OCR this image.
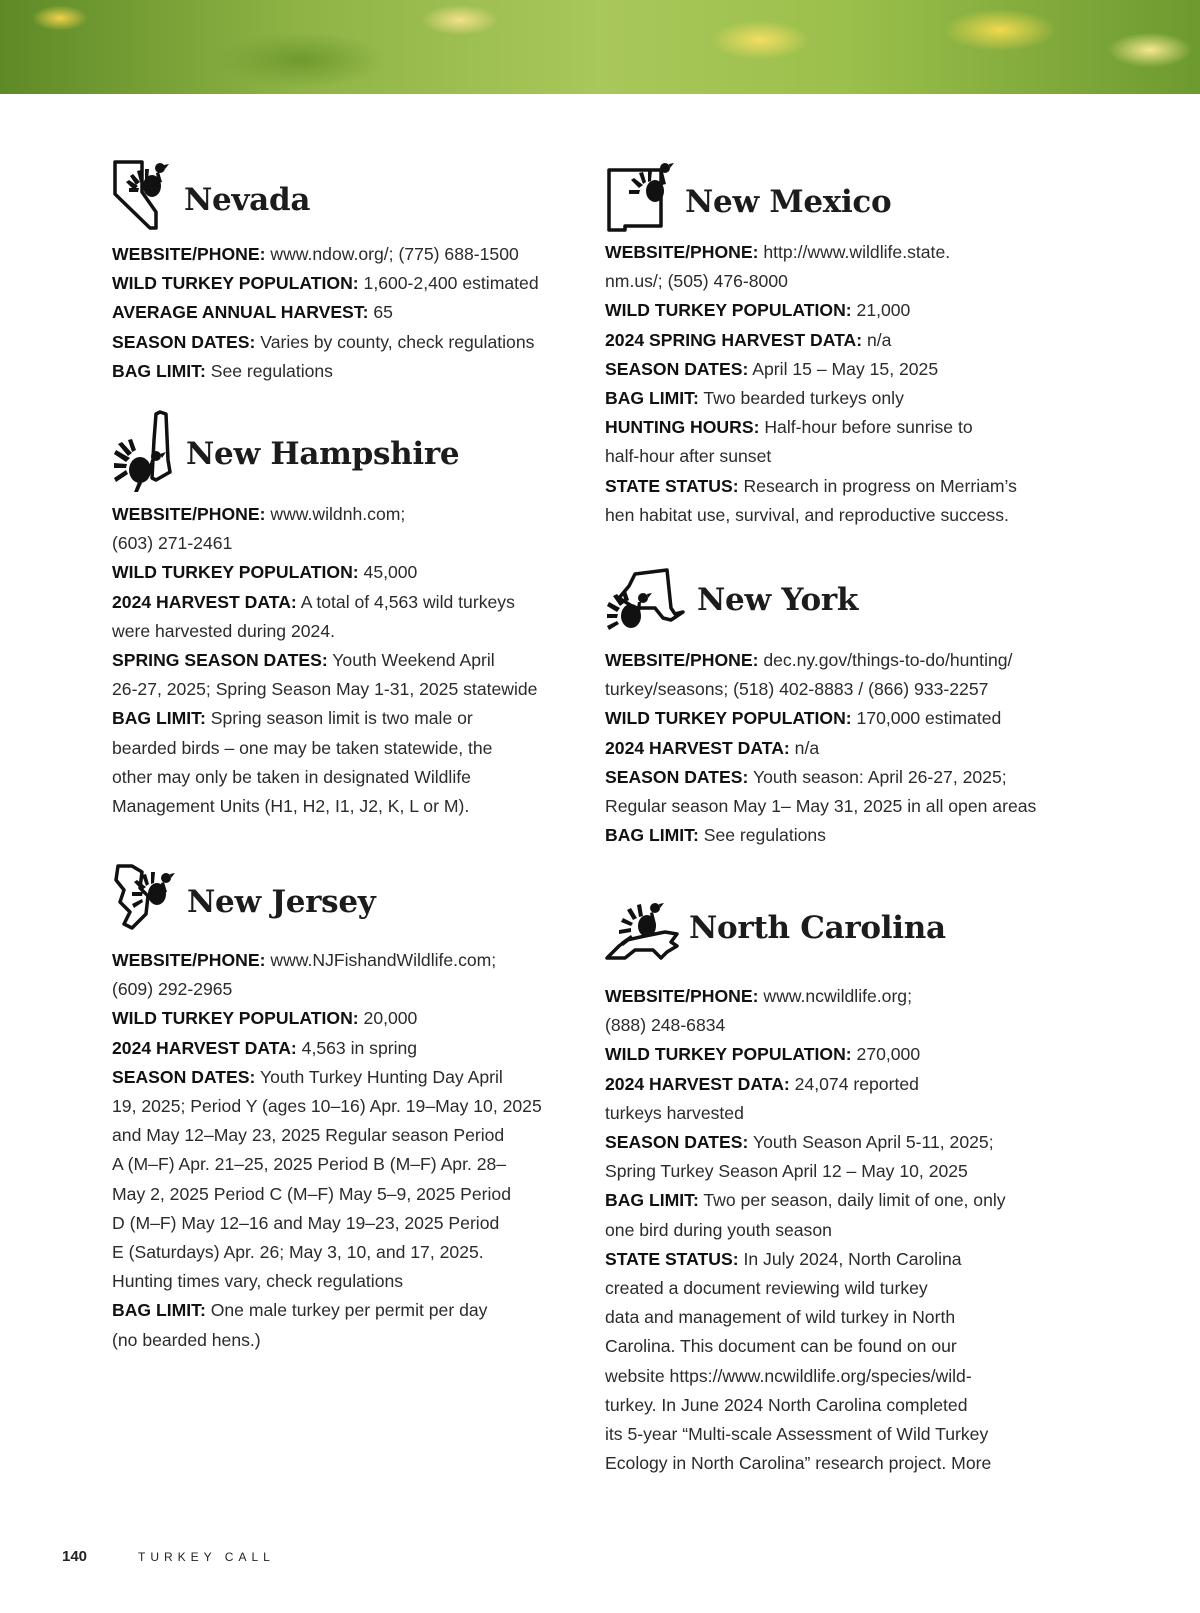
Nevada
WEBSITE/PHONE: www.ndow.org/; (775) 688-1500
WILD TURKEY POPULATION: 1,600-2,400 estimated
AVERAGE ANNUAL HARVEST: 65
SEASON DATES: Varies by county, check regulations
BAG LIMIT: See regulations
New Hampshire
WEBSITE/PHONE: www.wildnh.com;
(603) 271-2461
WILD TURKEY POPULATION: 45,000
2024 HARVEST DATA: A total of 4,563 wild turkeys
were harvested during 2024.
SPRING SEASON DATES: Youth Weekend April
26-27, 2025; Spring Season May 1-31, 2025 statewide
BAG LIMIT: Spring season limit is two male or
bearded birds – one may be taken statewide, the
other may only be taken in designated Wildlife
Management Units (H1, H2, I1, J2, K, L or M).
New Jersey
WEBSITE/PHONE: www.NJFishandWildlife.com;
(609) 292-2965
WILD TURKEY POPULATION: 20,000
2024 HARVEST DATA: 4,563 in spring
SEASON DATES: Youth Turkey Hunting Day April
19, 2025; Period Y (ages 10–16) Apr. 19–May 10, 2025
and May 12–May 23, 2025 Regular season Period
A (M–F) Apr. 21–25, 2025 Period B (M–F) Apr. 28–
May 2, 2025 Period C (M–F) May 5–9, 2025 Period
D (M–F) May 12–16 and May 19–23, 2025 Period
E (Saturdays) Apr. 26; May 3, 10, and 17, 2025.
Hunting times vary, check regulations
BAG LIMIT: One male turkey per permit per day
(no bearded hens.)
New Mexico
WEBSITE/PHONE: http://www.wildlife.state.
nm.us/; (505) 476-8000
WILD TURKEY POPULATION: 21,000
2024 SPRING HARVEST DATA: n/a
SEASON DATES: April 15 – May 15, 2025
BAG LIMIT: Two bearded turkeys only
HUNTING HOURS: Half-hour before sunrise to
half-hour after sunset
STATE STATUS: Research in progress on Merriam’s
hen habitat use, survival, and reproductive success.
New York
WEBSITE/PHONE: dec.ny.gov/things-to-do/hunting/
turkey/seasons; (518) 402-8883 / (866) 933-2257
WILD TURKEY POPULATION: 170,000 estimated
2024 HARVEST DATA: n/a
SEASON DATES: Youth season: April 26-27, 2025;
Regular season May 1– May 31, 2025 in all open areas
BAG LIMIT: See regulations
North Carolina
WEBSITE/PHONE: www.ncwildlife.org;
(888) 248-6834
WILD TURKEY POPULATION: 270,000
2024 HARVEST DATA: 24,074 reported
turkeys harvested
SEASON DATES: Youth Season April 5-11, 2025;
Spring Turkey Season April 12 – May 10, 2025
BAG LIMIT: Two per season, daily limit of one, only
one bird during youth season
STATE STATUS: In July 2024, North Carolina
created a document reviewing wild turkey
data and management of wild turkey in North
Carolina. This document can be found on our
website https://www.ncwildlife.org/species/wild-
turkey. In June 2024 North Carolina completed
its 5-year “Multi-scale Assessment of Wild Turkey
Ecology in North Carolina” research project. More
140	TURKEY CALL
